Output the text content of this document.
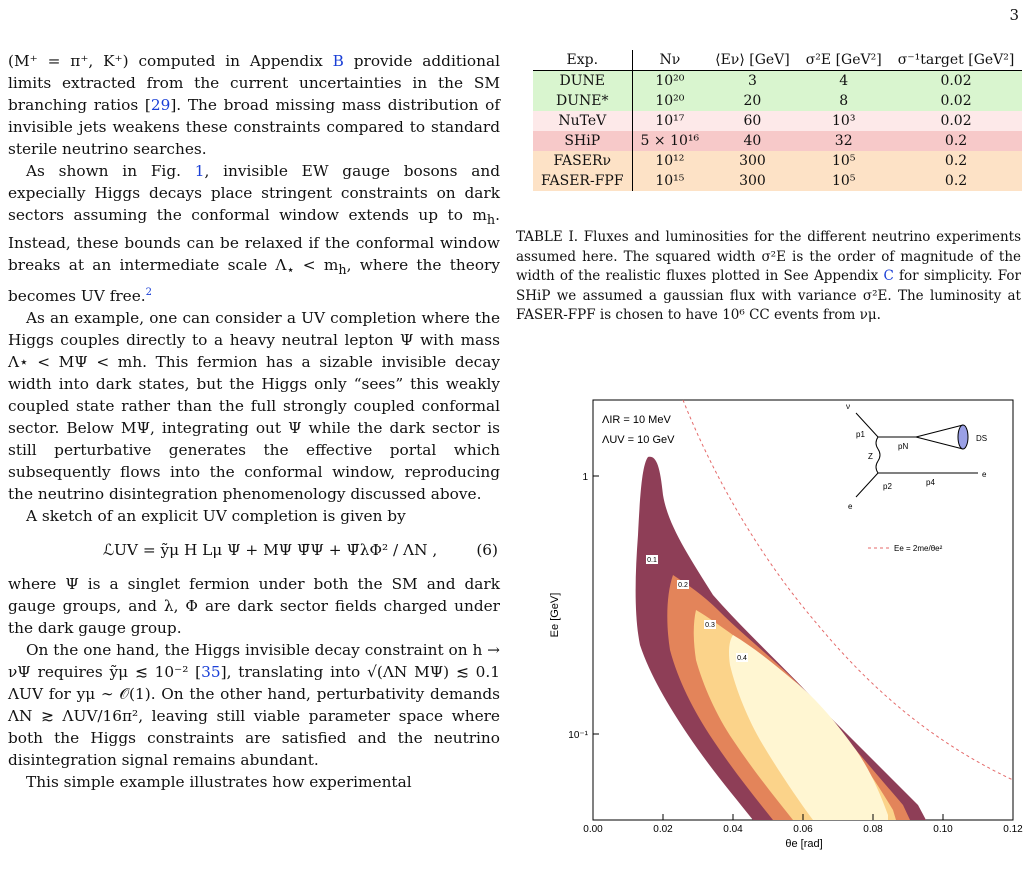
3

(M⁺ = π⁺, K⁺) computed in Appendix B provide additional limits extracted from the current uncertainties in the SM branching ratios [29]. The broad missing mass distribution of invisible jets weakens these constraints compared to standard sterile neutrino searches.

As shown in Fig. 1, invisible EW gauge bosons and expecially Higgs decays place stringent constraints on dark sectors assuming the conformal window extends up to $m_h$. Instead, these bounds can be relaxed if the conformal window breaks at an intermediate scale $\Lambda_⋆ < m_h$, where the theory becomes UV free.$^2$

As an example, one can consider a UV completion where the Higgs couples directly to a heavy neutral lepton Ψ with mass Λ⋆ < MΨ < mh. This fermion has a sizable invisible decay width into dark states, but the Higgs only “sees” this weakly coupled state rather than the full strongly coupled conformal sector. Below MΨ, integrating out Ψ while the dark sector is still perturbative generates the effective portal which subsequently flows into the conformal window, reproducing the neutrino disintegration phenomenology discussed above.

A sketch of an explicit UV completion is given by

ℒUV = ỹμ H Lμ Ψ + MΨ Ψ̄Ψ + Ψ̄λΦ² / ΛN ,	(6)

where Ψ is a singlet fermion under both the SM and dark gauge groups, and λ, Φ are dark sector fields charged under the dark gauge group.

On the one hand, the Higgs invisible decay constraint on h → νΨ requires ỹμ ≲ 10⁻² [35], translating into √(ΛN MΨ) ≲ 0.1 ΛUV for yμ ∼ 𝒪(1). On the other hand, perturbativity demands ΛN ≳ ΛUV/16π², leaving still viable parameter space where both the Higgs constraints are satisfied and the neutrino disintegration signal remains abundant.

This simple example illustrates how experimental

Exp.	Nν	⟨Eν⟩ [GeV]	σ²E [GeV²]	σ⁻¹target [GeV²]
DUNE	10²⁰	3	4	0.02
DUNE*	10²⁰	20	8	0.02
NuTeV	10¹⁷	60	10³	0.02
SHiP	5 × 10¹⁶	40	32	0.2
FASERν	10¹²	300	10⁵	0.2
FASER-FPF	10¹⁵	300	10⁵	0.2
TABLE I. Fluxes and luminosities for the different neutrino experiments assumed here. The squared width σ²E is the order of magnitude of the width of the realistic fluxes plotted in See Appendix C for simplicity. For SHiP we assumed a gaussian flux with variance σ²E. The luminosity at FASER-FPF is chosen to have 10⁶ CC events from νμ.
0.1
0.2
0.3
0.4
Ee = 2me/θe²
ΛIR = 10 MeV
ΛUV = 10 GeV
ν
p1
Z
pN
DS
e
p4
p2
e
0.00	0.02	0.04	0.06	0.08	0.10	0.12
1
10⁻¹
θe [rad]
Ee [GeV]
